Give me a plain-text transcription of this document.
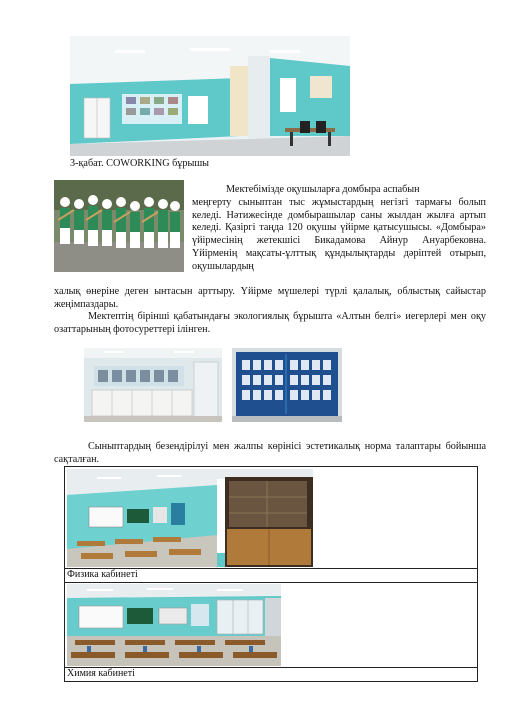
3-қабат. COWORKING бұрышы

Мектебімізде оқушыларға домбыра аспабын

меңгерту сыныптан тыс жұмыстардың негізгі тармағы болып келеді. Нәтижесінде домбырашылар саны жылдан жылға артып келеді. Қазіргі таңда 120 оқушы үйірме қатысушысы. «Домбыра» үйірмесінің жетекшісі Бикадамова Айнур Ануарбековна. Үйірменің мақсаты-ұлттық құндылықтарды дәріптей отырып, оқушылардың

халық өнеріне деген ынтасын арттыру. Үйірме мүшелері түрлі қалалық, облыстық сайыстар жеңімпаздары.

Мектептің бірінші қабатындағы экологиялық бұрышта «Алтын белгі» иегерлері мен оқу озаттарының фотосуреттері ілінген.

Сыныптардың безендірілуі мен жалпы көрінісі эстетикалық норма талаптары бойынша сақталған.

Физика кабинеті
Химия кабинеті
